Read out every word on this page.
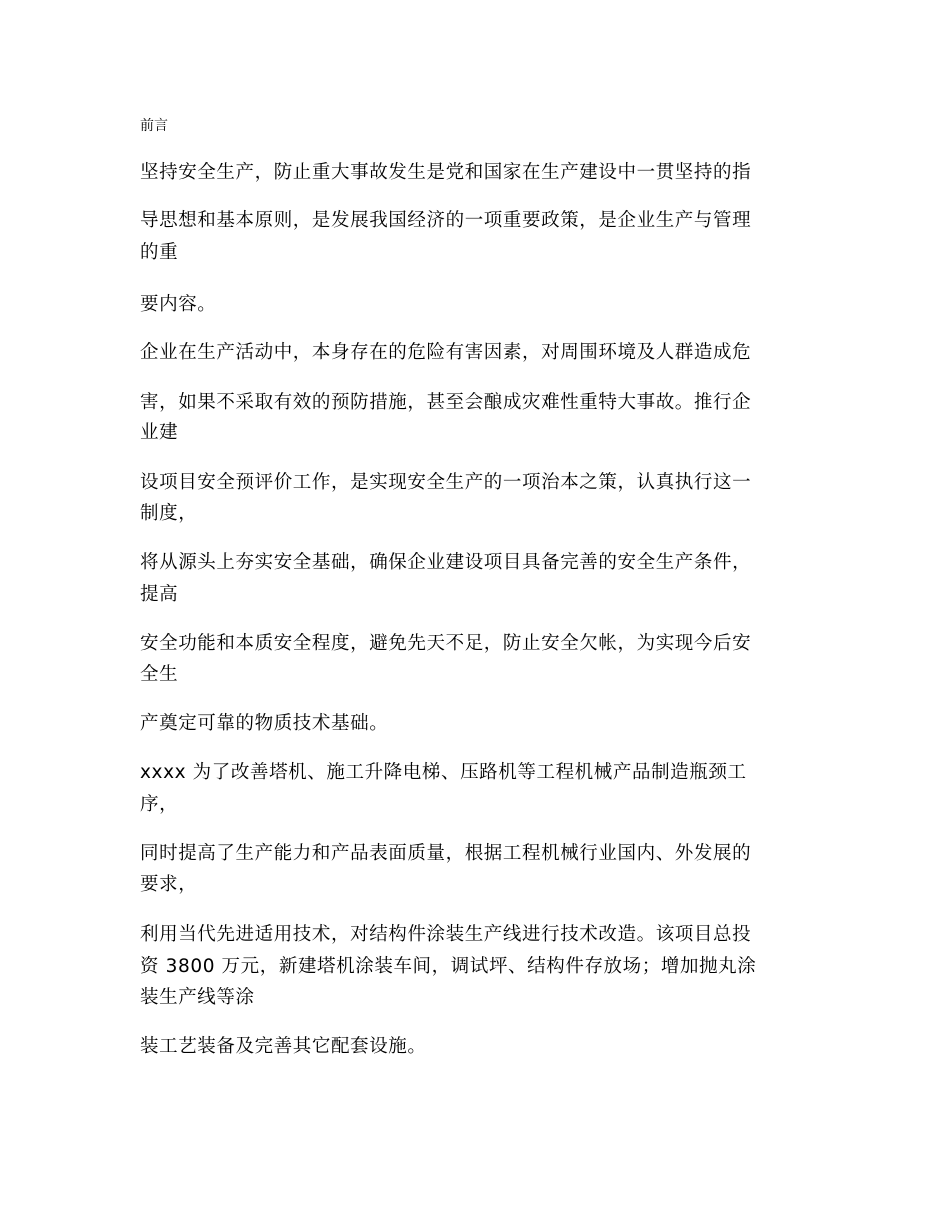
前言
坚持安全生产，防止重大事故发生是党和国家在生产建设中一贯坚持的指
导思想和基本原则，是发展我国经济的一项重要政策，是企业生产与管理
的重
要内容。
企业在生产活动中，本身存在的危险有害因素，对周围环境及人群造成危
害，如果不采取有效的预防措施，甚至会酿成灾难性重特大事故。推行企
业建
设项目安全预评价工作，是实现安全生产的一项治本之策，认真执行这一
制度，
将从源头上夯实安全基础，确保企业建设项目具备完善的安全生产条件，
提高
安全功能和本质安全程度，避免先天不足，防止安全欠帐，为实现今后安
全生
产奠定可靠的物质技术基础。
xxxx 为了改善塔机、施工升降电梯、压路机等工程机械产品制造瓶颈工
序，
同时提高了生产能力和产品表面质量，根据工程机械行业国内、外发展的
要求，
利用当代先进适用技术，对结构件涂装生产线进行技术改造。该项目总投
资 3800 万元，新建塔机涂装车间，调试坪、结构件存放场；增加抛丸涂
装生产线等涂
装工艺装备及完善其它配套设施。
